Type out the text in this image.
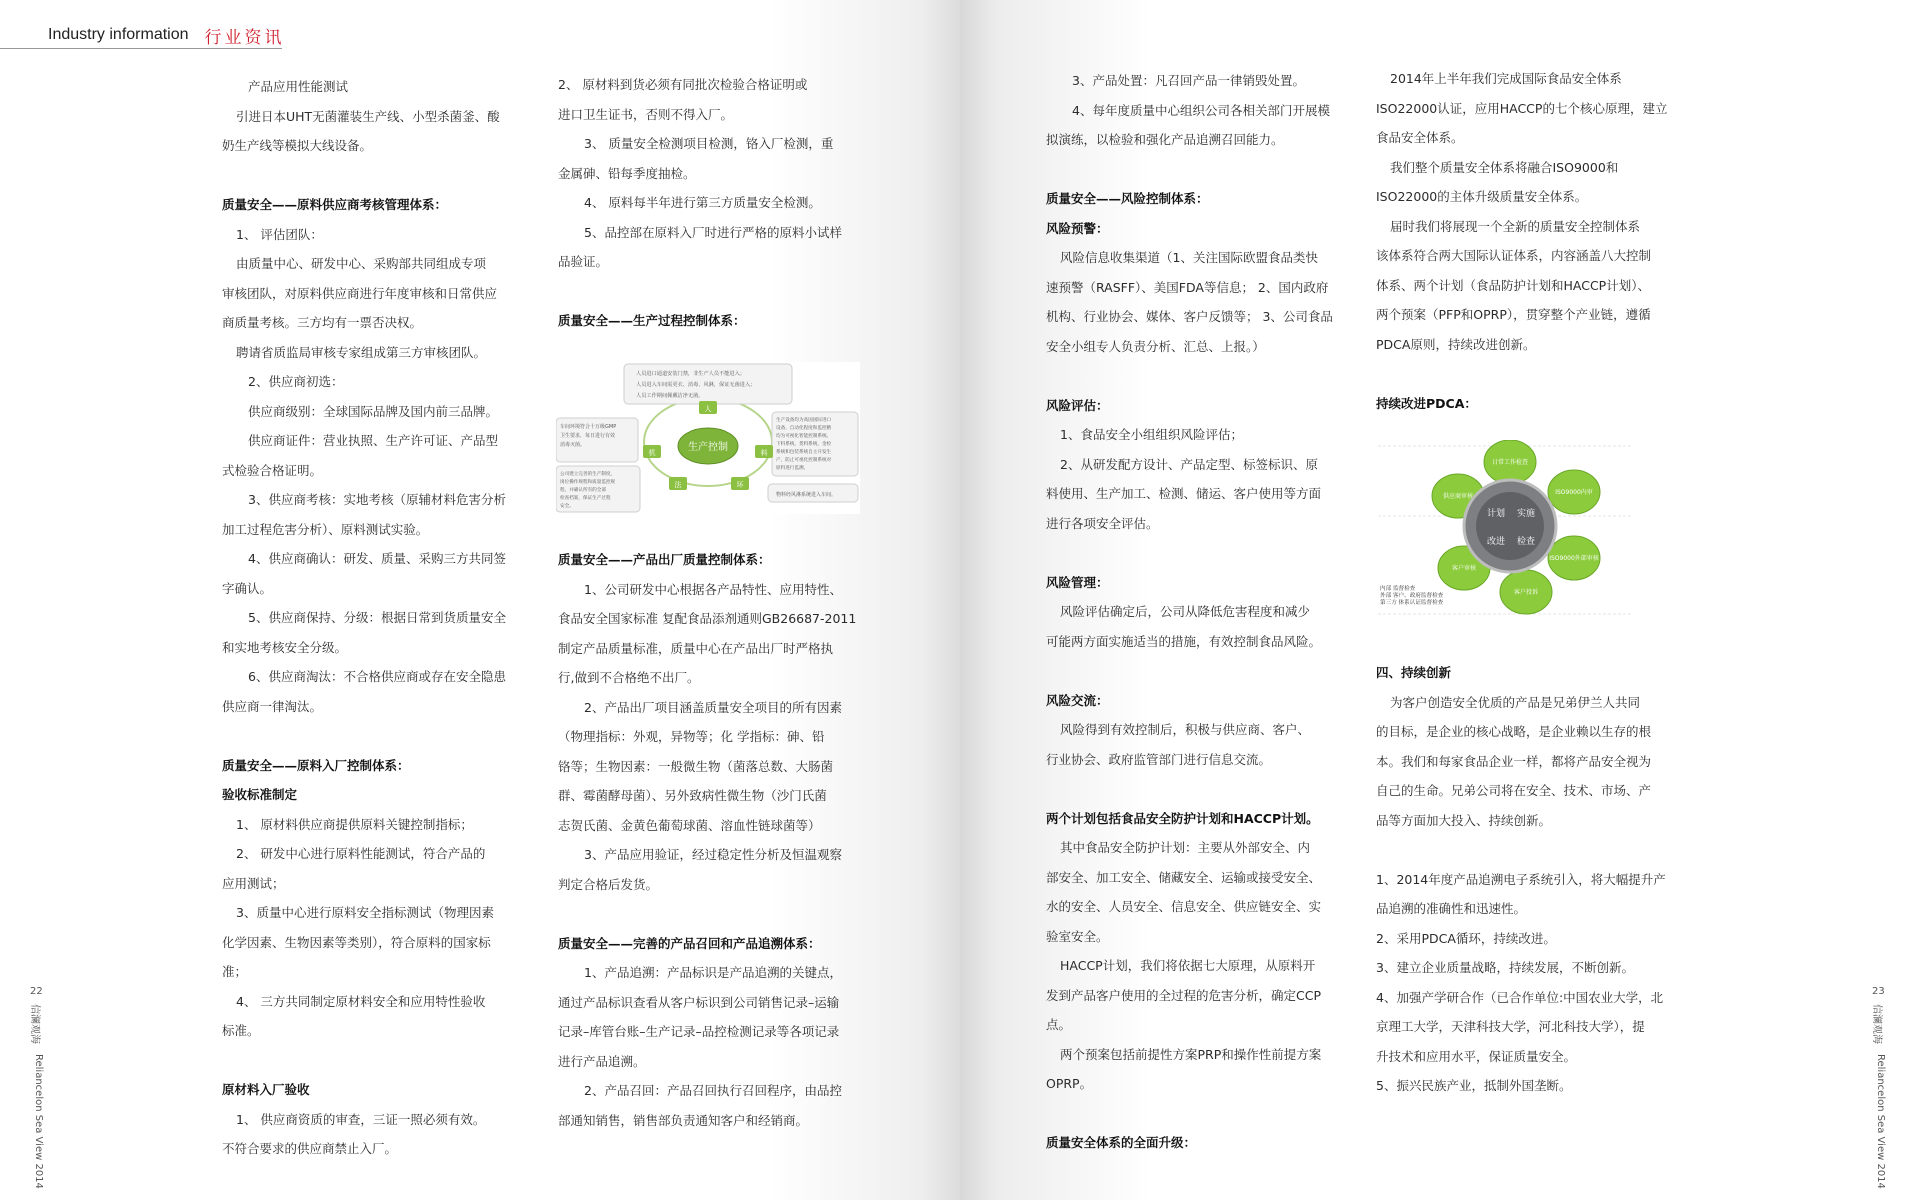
Industry information 行业资讯

产品应用性能测试

引进日本UHT无菌灌装生产线、小型杀菌釜、酸

奶生产线等模拟大线设备。

质量安全——原料供应商考核管理体系：

1、 评估团队：

由质量中心、研发中心、采购部共同组成专项

审核团队，对原料供应商进行年度审核和日常供应

商质量考核。三方均有一票否决权。

聘请省质监局审核专家组成第三方审核团队。

2、供应商初选：

供应商级别：全球国际品牌及国内前三品牌。

供应商证件：营业执照、生产许可证、产品型

式检验合格证明。

3、供应商考核：实地考核（原辅材料危害分析

加工过程危害分析）、原料测试实验。

4、供应商确认：研发、质量、采购三方共同签

字确认。

5、供应商保持、分级：根据日常到货质量安全

和实地考核安全分级。

6、供应商淘汰：不合格供应商或存在安全隐患

供应商一律淘汰。

质量安全——原料入厂控制体系：

验收标准制定

1、 原材料供应商提供原料关键控制指标；

2、 研发中心进行原料性能测试，符合产品的

应用测试；

3、质量中心进行原料安全指标测试（物理因素

化学因素、生物因素等类别），符合原料的国家标

准；

4、 三方共同制定原材料安全和应用特性验收

标准。

原材料入厂验收

1、 供应商资质的审查，三证一照必须有效。

不符合要求的供应商禁止入厂。

2、 原材料到货必须有同批次检验合格证明或

进口卫生证书，否则不得入厂。

3、 质量安全检测项目检测，铬入厂检测，重

金属砷、铅每季度抽检。

4、 原料每半年进行第三方质量安全检测。

5、品控部在原料入厂时进行严格的原料小试样

品验证。

质量安全——生产过程控制体系：

质量安全——产品出厂质量控制体系：

1、公司研发中心根据各产品特性、应用特性、

食品安全国家标准 复配食品添剂通则GB26687-2011

制定产品质量标准，质量中心在产品出厂时严格执

行,做到不合格绝不出厂。

2、产品出厂项目涵盖质量安全项目的所有因素

（物理指标：外观，异物等；化 学指标：砷、铅

铬等；生物因素：一般微生物（菌落总数、大肠菌

群、霉菌酵母菌）、另外致病性微生物（沙门氏菌

志贺氏菌、金黄色葡萄球菌、溶血性链球菌等）

3、产品应用验证，经过稳定性分析及恒温观察

判定合格后发货。

质量安全——完善的产品召回和产品追溯体系：

1、产品追溯：产品标识是产品追溯的关键点，

通过产品标识查看从客户标识到公司销售记录–运输

记录–库管台账–生产记录–品控检测记录等各项记录

进行产品追溯。

2、产品召回：产品召回执行召回程序，由品控

部通知销售，销售部负责通知客户和经销商。

人员进口通道安装门禁，非生产人员不能进入；
人员进入车间需更衣、消毒、风淋，保证无菌进入；
人员工作期间佩戴洁净无菌。
车间环境符合十万级GMP
卫生要求，每日进行有效
消毒灭菌。
生产设备均为高国国际进口
设备，自动化程度和监控精
均为可视化智能控制系统。
下料系统，货料系统，金检
系统和包装系统自主开发生
产，防止可视化控制系统对
原料进行监测。
公司建立完善的生产制度，
岗位操作规程和质量监控规
程，并确认所有的全部
检查档案，保证生产过程
安全。
物料经风淋系统进入车间。
生产控制
人
机	料
法	环
22
信澜观海
Reliancelon Sea View 2014

3、产品处置：凡召回产品一律销毁处置。

4、每年度质量中心组织公司各相关部门开展模

拟演练，以检验和强化产品追溯召回能力。

质量安全——风险控制体系：

风险预警：

风险信息收集渠道（1、关注国际欧盟食品类快

速预警（RASFF）、美国FDA等信息； 2、国内政府

机构、行业协会、媒体、客户反馈等； 3、公司食品

安全小组专人负责分析、汇总、上报。）

风险评估：

1、食品安全小组组织风险评估；

2、从研发配方设计、产品定型、标签标识、原

料使用、生产加工、检测、储运、客户使用等方面

进行各项安全评估。

风险管理：

风险评估确定后，公司从降低危害程度和减少

可能两方面实施适当的措施，有效控制食品风险。

风险交流：

风险得到有效控制后，积极与供应商、客户、

行业协会、政府监管部门进行信息交流。

两个计划包括食品安全防护计划和HACCP计划。

其中食品安全防护计划：主要从外部安全、内

部安全、加工安全、储藏安全、运输或接受安全、

水的安全、人员安全、信息安全、供应链安全、实

验室安全。

HACCP计划，我们将依据七大原理，从原料开

发到产品客户使用的全过程的危害分析，确定CCP

点。

两个预案包括前提性方案PRP和操作性前提方案

OPRP。

质量安全体系的全面升级：

2014年上半年我们完成国际食品安全体系

ISO22000认证，应用HACCP的七个核心原理，建立

食品安全体系。

我们整个质量安全体系将融合ISO9000和

ISO22000的主体升级质量安全体系。

届时我们将展现一个全新的质量安全控制体系

该体系符合两大国际认证体系，内容涵盖八大控制

体系、两个计划（食品防护计划和HACCP计划）、

两个预案（PFP和OPRP），贯穿整个产业链，遵循

PDCA原则，持续改进创新。

持续改进PDCA：

四、持续创新

为客户创造安全优质的产品是兄弟伊兰人共同

的目标，是企业的核心战略，是企业赖以生存的根

本。我们和每家食品企业一样，都将产品安全视为

自己的生命。兄弟公司将在安全、技术、市场、产

品等方面加大投入、持续创新。

1、2014年度产品追溯电子系统引入，将大幅提升产

品追溯的准确性和迅速性。

2、采用PDCA循环，持续改进。

3、建立企业质量战略，持续发展，不断创新。

4、加强产学研合作（已合作单位:中国农业大学，北

京理工大学，天津科技大学，河北科技大学），提

升技术和应用水平，保证质量安全。

5、振兴民族产业，抵制外国垄断。

日常工作检查
ISO9000内审
ISO9000外部审核
客户投诉
客户审核
供应商审核
计划 实施
改进 检查
内部 监督检查
外部 客户、政府监督检查
第三方 体系认证监督检查
23
信澜观海
Reliancelon Sea View 2014
